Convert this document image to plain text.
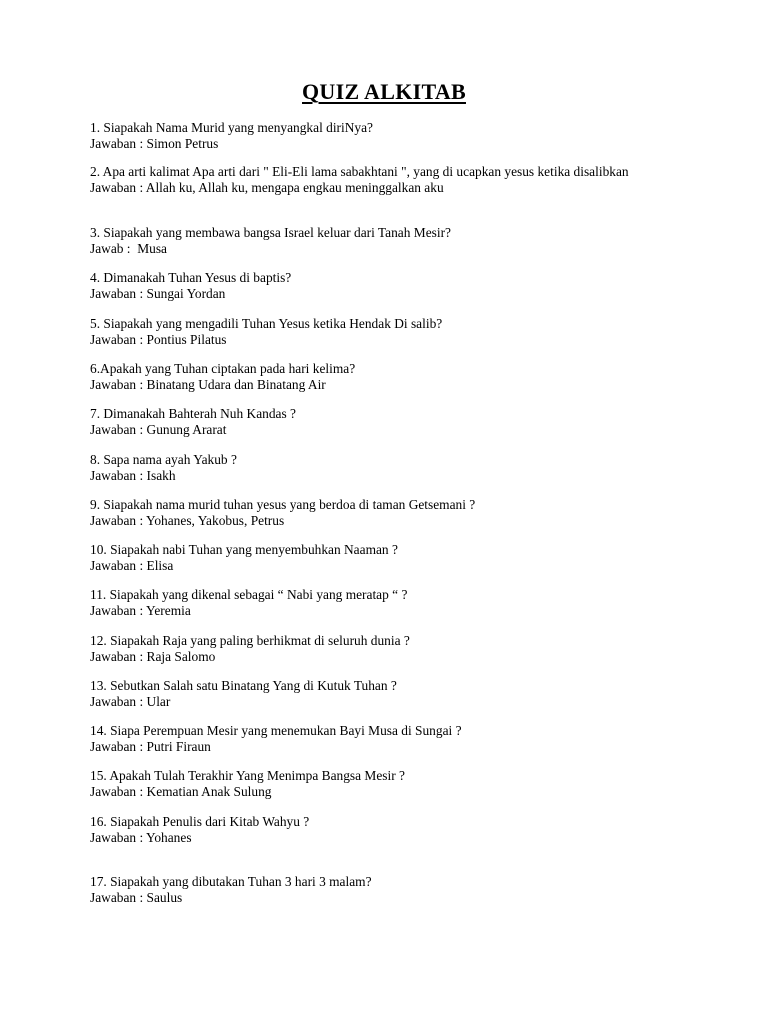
QUIZ ALKITAB
1. Siapakah Nama Murid yang menyangkal diriNya?
Jawaban : Simon Petrus
2. Apa arti kalimat Apa arti dari " Eli-Eli lama sabakhtani ", yang di ucapkan yesus ketika disalibkan
Jawaban : Allah ku, Allah ku, mengapa engkau meninggalkan aku
3. Siapakah yang membawa bangsa Israel keluar dari Tanah Mesir?
Jawab :  Musa
4. Dimanakah Tuhan Yesus di baptis?
Jawaban : Sungai Yordan
5. Siapakah yang mengadili Tuhan Yesus ketika Hendak Di salib?
Jawaban : Pontius Pilatus
6.Apakah yang Tuhan ciptakan pada hari kelima?
Jawaban : Binatang Udara dan Binatang Air
7. Dimanakah Bahterah Nuh Kandas ?
Jawaban : Gunung Ararat
8. Sapa nama ayah Yakub ?
Jawaban : Isakh
9. Siapakah nama murid tuhan yesus yang berdoa di taman Getsemani ?
Jawaban : Yohanes, Yakobus, Petrus
10. Siapakah nabi Tuhan yang menyembuhkan Naaman ?
Jawaban : Elisa
11. Siapakah yang dikenal sebagai “ Nabi yang meratap “ ?
Jawaban : Yeremia
12. Siapakah Raja yang paling berhikmat di seluruh dunia ?
Jawaban : Raja Salomo
13. Sebutkan Salah satu Binatang Yang di Kutuk Tuhan ?
Jawaban : Ular
14. Siapa Perempuan Mesir yang menemukan Bayi Musa di Sungai ?
Jawaban : Putri Firaun
15. Apakah Tulah Terakhir Yang Menimpa Bangsa Mesir ?
Jawaban : Kematian Anak Sulung
16. Siapakah Penulis dari Kitab Wahyu ?
Jawaban : Yohanes
17. Siapakah yang dibutakan Tuhan 3 hari 3 malam?
Jawaban : Saulus
